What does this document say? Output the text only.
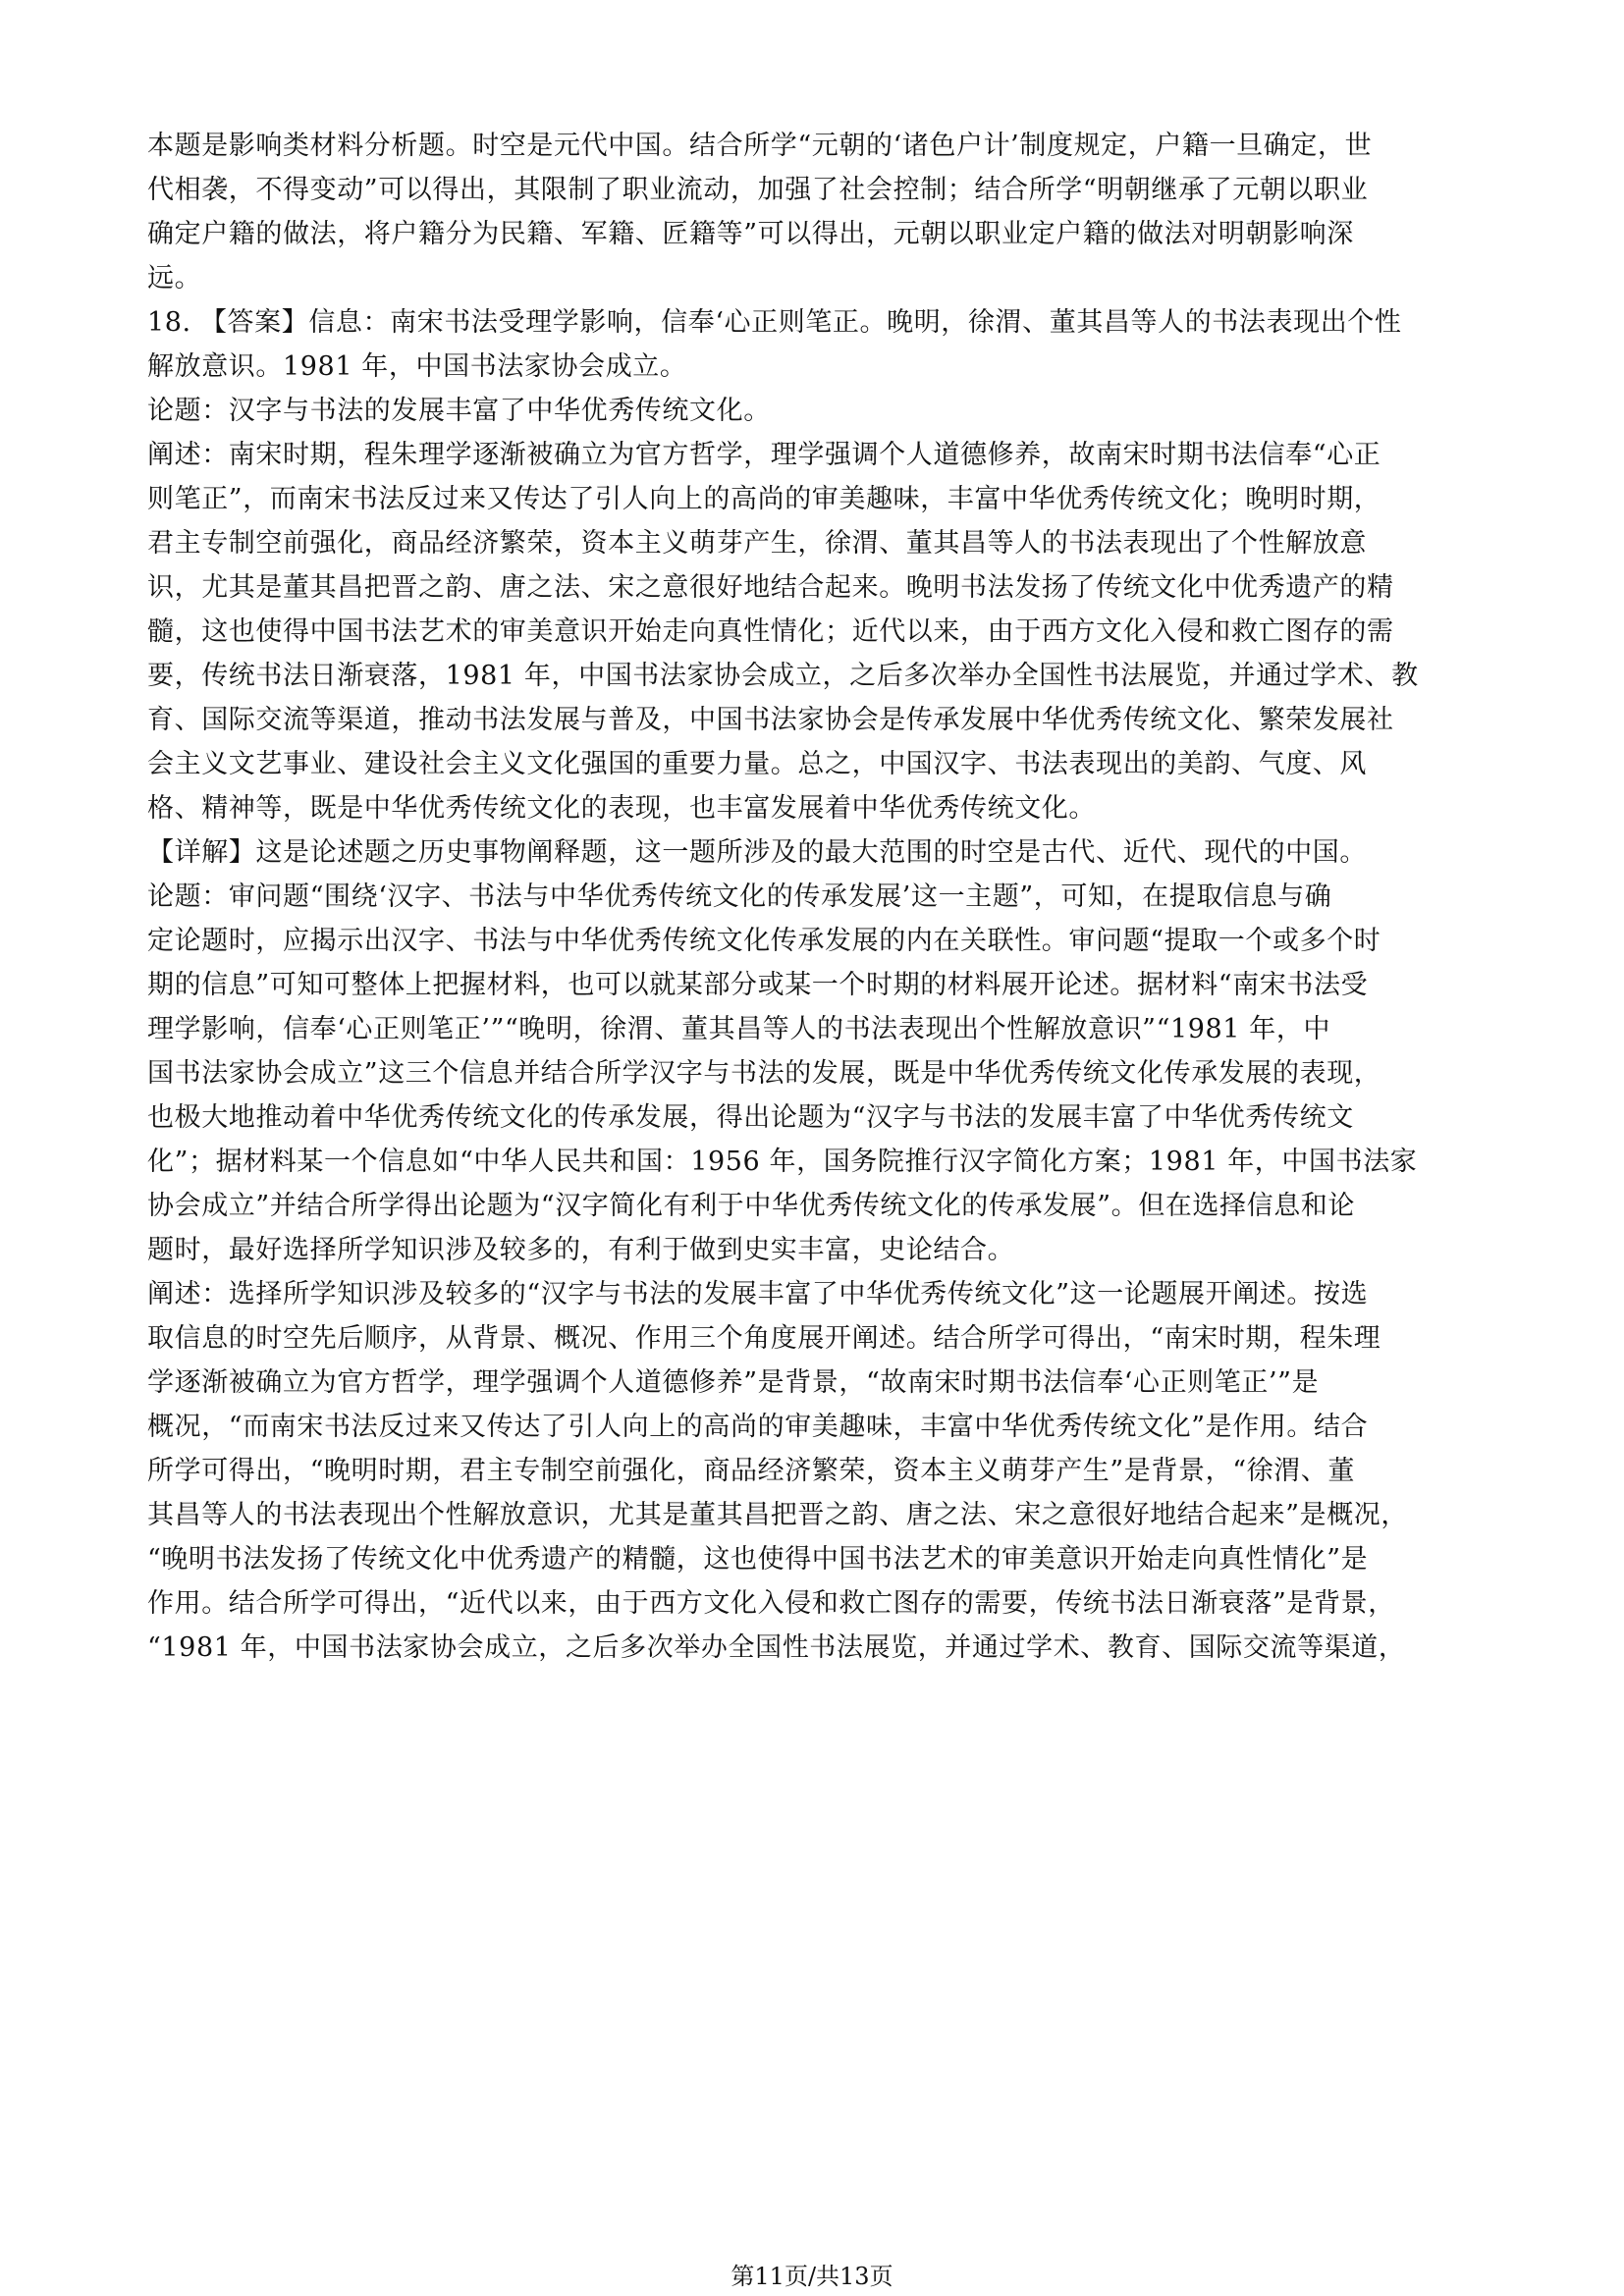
本题是影响类材料分析题。时空是元代中国。结合所学“元朝的‘诸色户计’制度规定，户籍一旦确定，世
代相袭，不得变动”可以得出，其限制了职业流动，加强了社会控制；结合所学“明朝继承了元朝以职业
确定户籍的做法，将户籍分为民籍、军籍、匠籍等”可以得出，元朝以职业定户籍的做法对明朝影响深
远。
18. 【答案】信息：南宋书法受理学影响，信奉‘心正则笔正。晚明，徐渭、董其昌等人的书法表现出个性
解放意识。1981 年，中国书法家协会成立。
论题：汉字与书法的发展丰富了中华优秀传统文化。
阐述：南宋时期，程朱理学逐渐被确立为官方哲学，理学强调个人道德修养，故南宋时期书法信奉“心正
则笔正”，而南宋书法反过来又传达了引人向上的高尚的审美趣味，丰富中华优秀传统文化；晚明时期，
君主专制空前强化，商品经济繁荣，资本主义萌芽产生，徐渭、董其昌等人的书法表现出了个性解放意
识，尤其是董其昌把晋之韵、唐之法、宋之意很好地结合起来。晚明书法发扬了传统文化中优秀遗产的精
髓，这也使得中国书法艺术的审美意识开始走向真性情化；近代以来，由于西方文化入侵和救亡图存的需
要，传统书法日渐衰落，1981 年，中国书法家协会成立，之后多次举办全国性书法展览，并通过学术、教
育、国际交流等渠道，推动书法发展与普及，中国书法家协会是传承发展中华优秀传统文化、繁荣发展社
会主义文艺事业、建设社会主义文化强国的重要力量。总之，中国汉字、书法表现出的美韵、气度、风
格、精神等，既是中华优秀传统文化的表现，也丰富发展着中华优秀传统文化。
【详解】这是论述题之历史事物阐释题，这一题所涉及的最大范围的时空是古代、近代、现代的中国。
论题：审问题“围绕‘汉字、书法与中华优秀传统文化的传承发展’这一主题”，可知，在提取信息与确
定论题时，应揭示出汉字、书法与中华优秀传统文化传承发展的内在关联性。审问题“提取一个或多个时
期的信息”可知可整体上把握材料，也可以就某部分或某一个时期的材料展开论述。据材料“南宋书法受
理学影响，信奉‘心正则笔正’”“晚明，徐渭、董其昌等人的书法表现出个性解放意识”“1981 年，中
国书法家协会成立”这三个信息并结合所学汉字与书法的发展，既是中华优秀传统文化传承发展的表现，
也极大地推动着中华优秀传统文化的传承发展，得出论题为“汉字与书法的发展丰富了中华优秀传统文
化”；据材料某一个信息如“中华人民共和国：1956 年，国务院推行汉字简化方案；1981 年，中国书法家
协会成立”并结合所学得出论题为“汉字简化有利于中华优秀传统文化的传承发展”。但在选择信息和论
题时，最好选择所学知识涉及较多的，有利于做到史实丰富，史论结合。
阐述：选择所学知识涉及较多的“汉字与书法的发展丰富了中华优秀传统文化”这一论题展开阐述。按选
取信息的时空先后顺序，从背景、概况、作用三个角度展开阐述。结合所学可得出，“南宋时期，程朱理
学逐渐被确立为官方哲学，理学强调个人道德修养”是背景，“故南宋时期书法信奉‘心正则笔正’”是
概况，“而南宋书法反过来又传达了引人向上的高尚的审美趣味，丰富中华优秀传统文化”是作用。结合
所学可得出，“晚明时期，君主专制空前强化，商品经济繁荣，资本主义萌芽产生”是背景，“徐渭、董
其昌等人的书法表现出个性解放意识，尤其是董其昌把晋之韵、唐之法、宋之意很好地结合起来”是概况，
“晚明书法发扬了传统文化中优秀遗产的精髓，这也使得中国书法艺术的审美意识开始走向真性情化”是
作用。结合所学可得出，“近代以来，由于西方文化入侵和救亡图存的需要，传统书法日渐衰落”是背景，
“1981 年，中国书法家协会成立，之后多次举办全国性书法展览，并通过学术、教育、国际交流等渠道，
第11页/共13页
